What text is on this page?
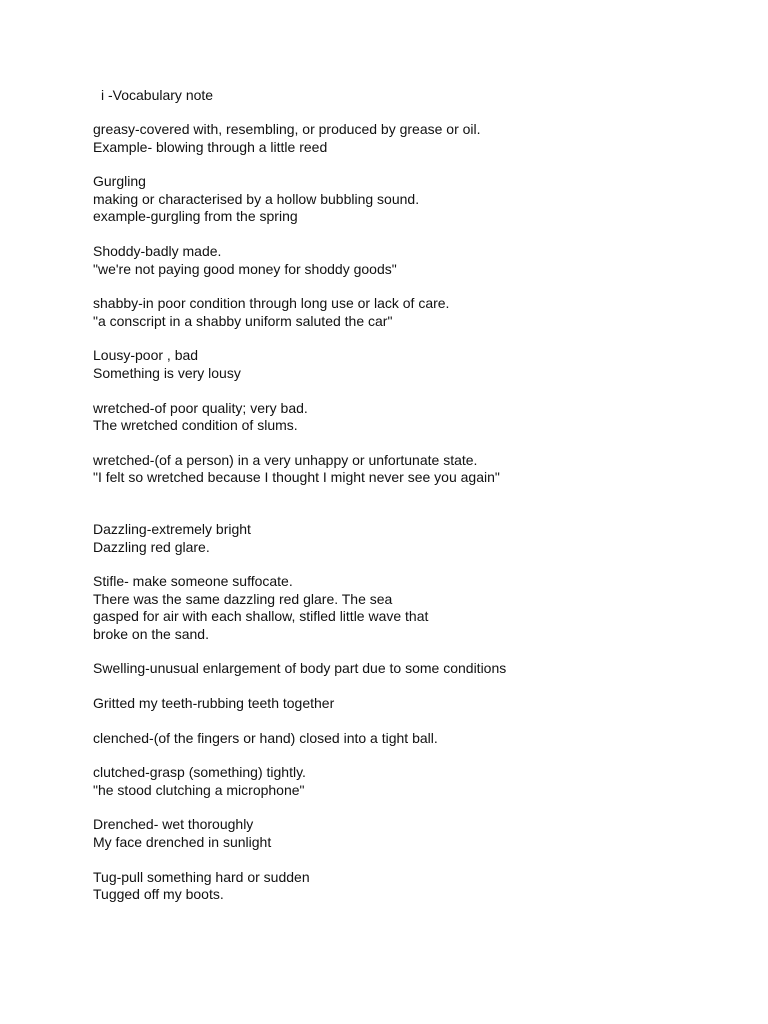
i -Vocabulary note
greasy-covered with, resembling, or produced by grease or oil.
Example- blowing through a little reed
Gurgling
making or characterised by a hollow bubbling sound.
example-gurgling from the spring
Shoddy-badly made.
"we're not paying good money for shoddy goods"
shabby-in poor condition through long use or lack of care.
"a conscript in a shabby uniform saluted the car"
Lousy-poor , bad
Something is very lousy
wretched-of poor quality; very bad.
The wretched condition of slums.
wretched-(of a person) in a very unhappy or unfortunate state.
"I felt so wretched because I thought I might never see you again"
Dazzling-extremely bright
Dazzling red glare.
Stifle- make someone suffocate.
There was the same dazzling red glare. The sea
gasped for air with each shallow, stifled little wave that
broke on the sand.
Swelling-unusual enlargement of body part due to some conditions
Gritted my teeth-rubbing teeth together
clenched-(of the fingers or hand) closed into a tight ball.
clutched-grasp (something) tightly.
"he stood clutching a microphone"
Drenched- wet thoroughly
My face drenched in sunlight
Tug-pull something hard or sudden
Tugged off my boots.
